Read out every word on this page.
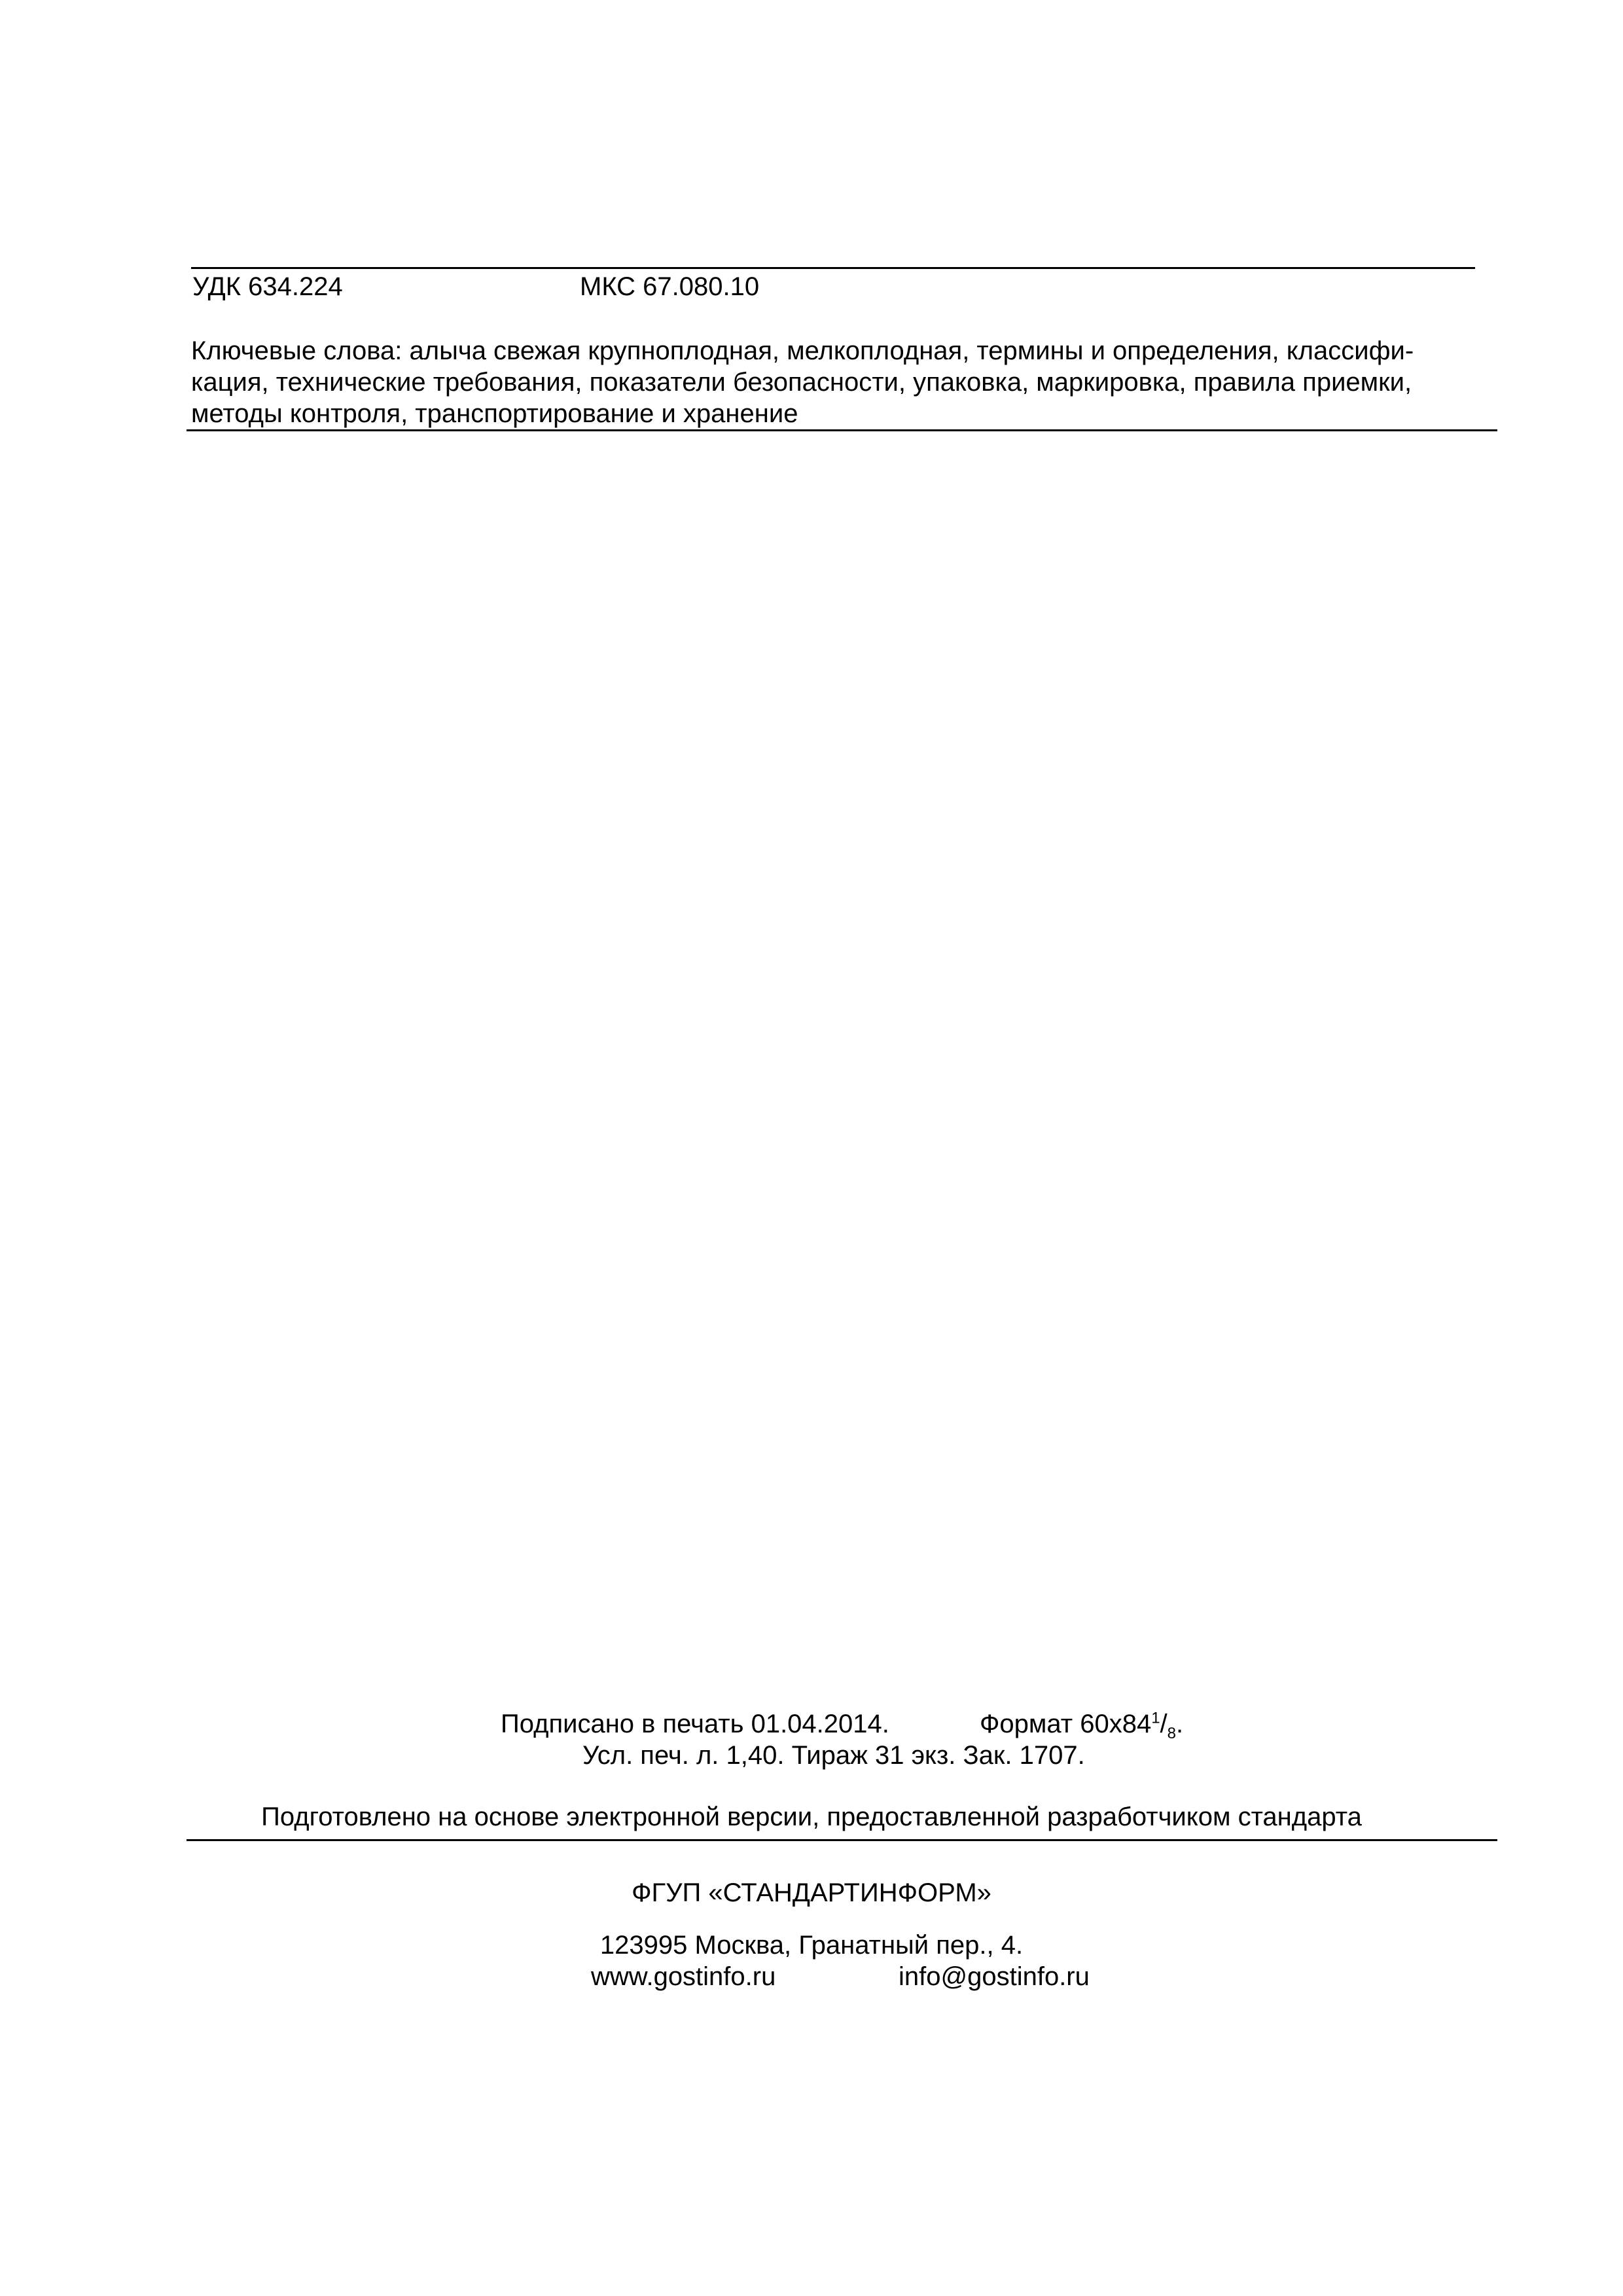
УДК 634.224	МКС 67.080.10
Ключевые слова: алыча свежая крупноплодная, мелкоплодная, термины и определения, классифи-
кация, технические требования, показатели безопасности, упаковка, маркировка, правила приемки,
методы контроля, транспортирование и хранение
Подписано в печать 01.04.2014.	Формат $60х84^1/_8$.
Усл. печ. л. 1,40. Тираж 31 экз. Зак. 1707.
Подготовлено на основе электронной версии, предоставленной разработчиком стандарта
ФГУП «СТАНДАРТИНФОРМ»
123995 Москва, Гранатный пер., 4.
www.gostinfo.ru	info@gostinfo.ru
